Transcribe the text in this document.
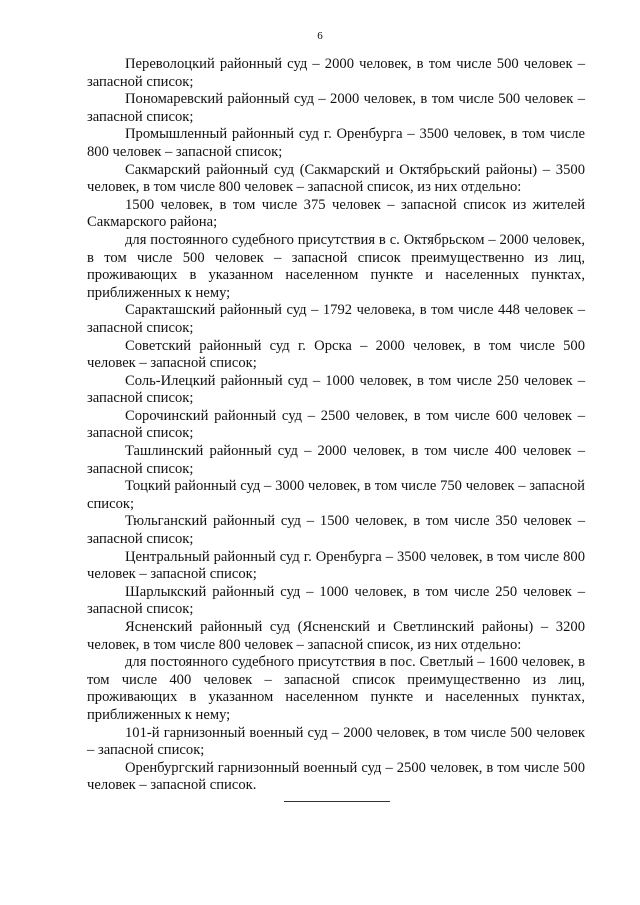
6

Переволоцкий районный суд – 2000 человек, в том числе 500 человек – запасной список;

Пономаревский районный суд – 2000 человек, в том числе 500 человек – запасной список;

Промышленный районный суд г. Оренбурга – 3500 человек, в том числе 800 человек – запасной список;

Сакмарский районный суд (Сакмарский и Октябрьский районы) – 3500 человек, в том числе 800 человек – запасной список, из них отдельно:

1500 человек, в том числе 375 человек – запасной список из жителей Сакмарского района;

для постоянного судебного присутствия в с. Октябрьском – 2000 человек, в том числе 500 человек – запасной список преимущественно из лиц, проживающих в указанном населенном пункте и населенных пунктах, приближенных к нему;

Саракташский районный суд – 1792 человека, в том числе 448 человек – запасной список;

Советский районный суд г. Орска – 2000 человек, в том числе 500 человек – запасной список;

Соль-Илецкий районный суд – 1000 человек, в том числе 250 человек – запасной список;

Сорочинский районный суд – 2500 человек, в том числе 600 человек – запасной список;

Ташлинский районный суд – 2000 человек, в том числе 400 человек – запасной список;

Тоцкий районный суд – 3000 человек, в том числе 750 человек – запасной список;

Тюльганский районный суд – 1500 человек, в том числе 350 человек – запасной список;

Центральный районный суд г. Оренбурга – 3500 человек, в том числе 800 человек – запасной список;

Шарлыкский районный суд – 1000 человек, в том числе 250 человек – запасной список;

Ясненский районный суд (Ясненский и Светлинский районы) – 3200 человек, в том числе 800 человек – запасной список, из них отдельно:

для постоянного судебного присутствия в пос. Светлый – 1600 человек, в том числе 400 человек – запасной список преимущественно из лиц, проживающих в указанном населенном пункте и населенных пунктах, приближенных к нему;

101-й гарнизонный военный суд – 2000 человек, в том числе 500 человек – запасной список;

Оренбургский гарнизонный военный суд – 2500 человек, в том числе 500 человек – запасной список.
